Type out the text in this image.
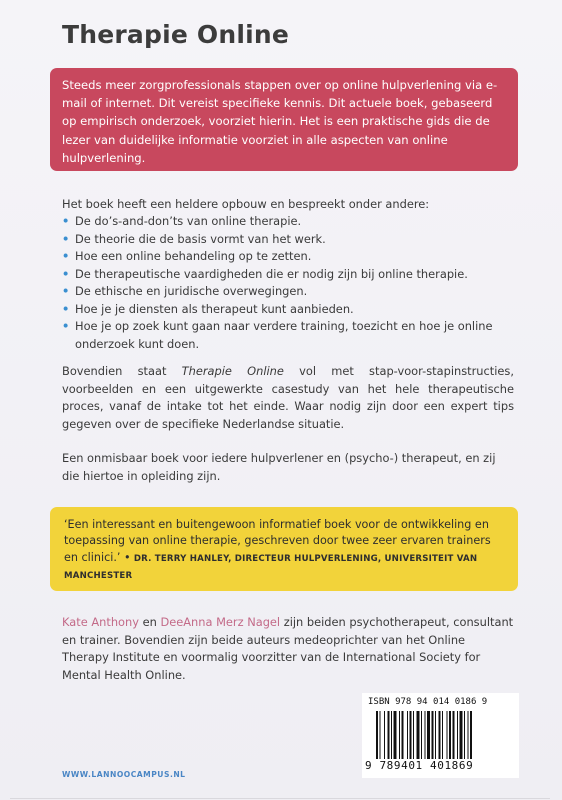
Therapie Online
Steeds meer zorgprofessionals stappen over op online hulpverlening via e-mail of internet. Dit vereist specifieke kennis. Dit actuele boek, gebaseerd op empirisch onderzoek, voorziet hierin. Het is een praktische gids die de lezer van duidelijke informatie voorziet in alle aspecten van online hulpverlening.
Het boek heeft een heldere opbouw en bespreekt onder andere:
• De do’s-and-don’ts van online therapie.
• De theorie die de basis vormt van het werk.
• Hoe een online behandeling op te zetten.
• De therapeutische vaardigheden die er nodig zijn bij online therapie.
• De ethische en juridische overwegingen.
• Hoe je je diensten als therapeut kunt aanbieden.
• Hoe je op zoek kunt gaan naar verdere training, toezicht en hoe je online onderzoek kunt doen.
Bovendien staat Therapie Online vol met stap-voor-stapinstructies, voorbeelden en een uitgewerkte casestudy van het hele therapeutische proces, vanaf de intake tot het einde. Waar nodig zijn door een expert tips gegeven over de specifieke Nederlandse situatie.
Een onmisbaar boek voor iedere hulpverlener en (psycho-) therapeut, en zij die hiertoe in opleiding zijn.
‘Een interessant en buitengewoon informatief boek voor de ontwikkeling en toepassing van online therapie, geschreven door twee zeer ervaren trainers en clinici.’ • DR. TERRY HANLEY, DIRECTEUR HULPVERLENING, UNIVERSITEIT VAN MANCHESTER
Kate Anthony en DeeAnna Merz Nagel zijn beiden psychotherapeut, consultant en trainer. Bovendien zijn beide auteurs medeoprichter van het Online Therapy Institute en voormalig voorzitter van de International Society for Mental Health Online.
ISBN 978 94 014 0186 9
9 789401 401869
WWW.LANNOOCAMPUS.NL
